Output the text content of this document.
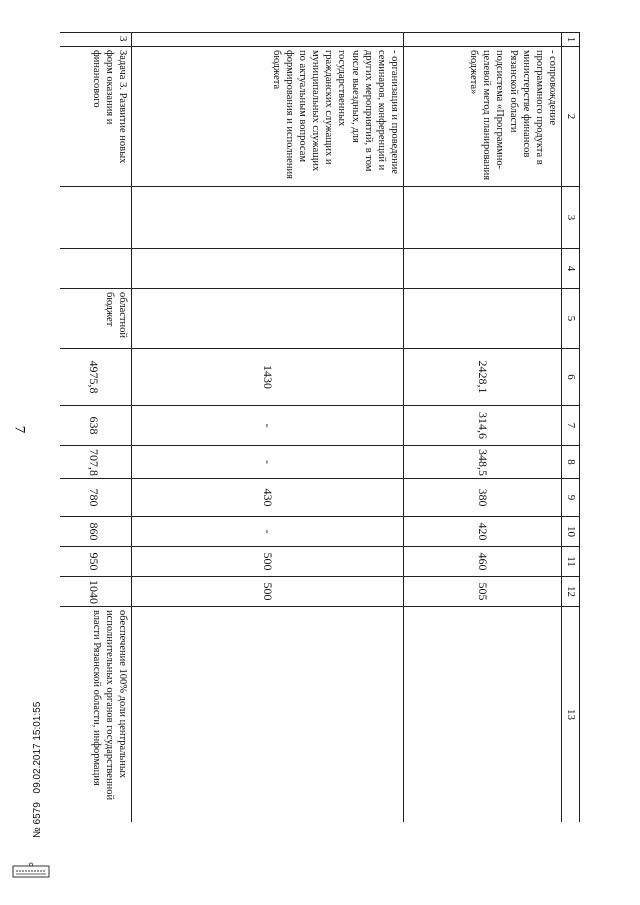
7
1	2	3	4	5	6	7	8	9	10	11	12	13
	- сопровождение программного продукта в министерстве финансов Рязанской области подсистема «Программно-целевой метод планирования бюджета»				2428,1	314,6	348,5	380	420	460	505	
	- организация и проведение семинаров, конференций и других мероприятий, в том числе выездных, для государственных гражданских служащих и муниципальных служащих по актуальным вопросам формирования и исполнения бюджета				1430	-	-	430	-	500	500	
3	Задача 3. Развитие новых форм оказания и финансового			областной бюджет	4975,8	638	707,8	780	860	950	1040	обеспечение 100% доли центральных исполнительных органов государственной власти Рязанской области, информация
№ 6579 09.02.2017 15:01:55
